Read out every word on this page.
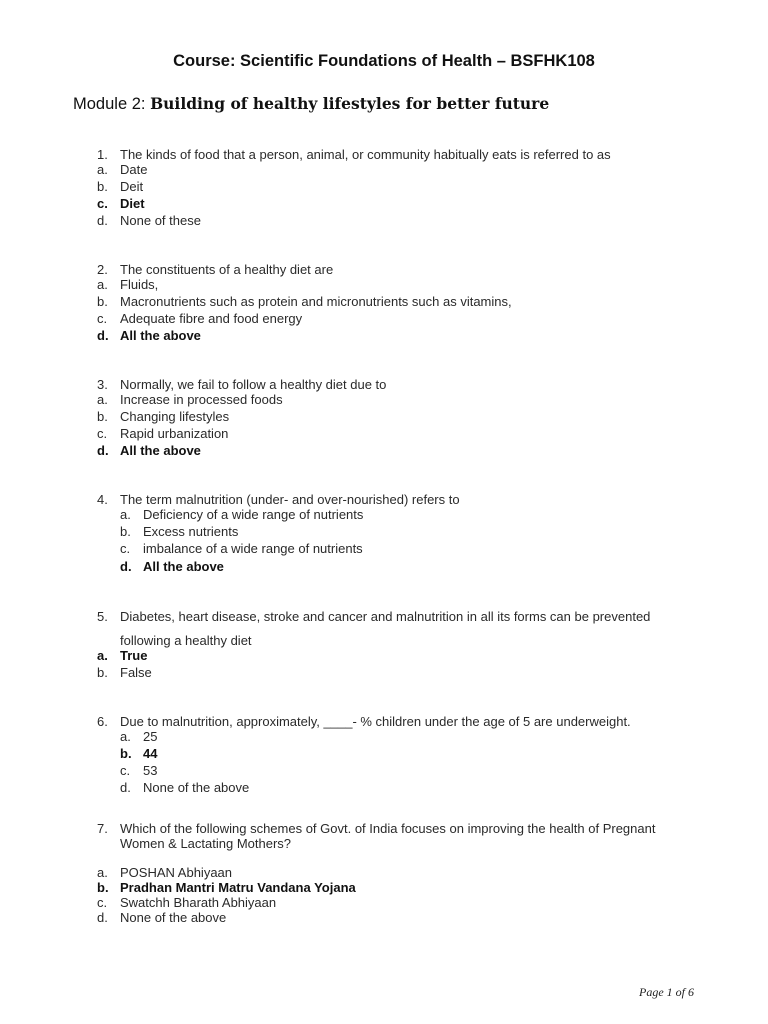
Course: Scientific Foundations of Health – BSFHK108
Module 2: Building of healthy lifestyles for better future
1. The kinds of food that a person, animal, or community habitually eats is referred to as
a. Date
b. Deit
c. Diet
d. None of these
2. The constituents of a healthy diet are
a. Fluids,
b. Macronutrients such as protein and micronutrients such as vitamins,
c. Adequate fibre and food energy
d. All the above
3. Normally, we fail to follow a healthy diet due to
a. Increase in processed foods
b. Changing lifestyles
c. Rapid urbanization
d. All the above
4. The term malnutrition (under- and over-nourished) refers to
a. Deficiency of a wide range of nutrients
b. Excess nutrients
c. imbalance of a wide range of nutrients
d. All the above
5. Diabetes, heart disease, stroke and cancer and malnutrition in all its forms can be prevented
following a healthy diet
a. True
b. False
6. Due to malnutrition, approximately, ____- % children under the age of 5 are underweight.
a. 25
b. 44
c. 53
d. None of the above
7. Which of the following schemes of Govt. of India focuses on improving the health of Pregnant
Women & Lactating Mothers?
a. POSHAN Abhiyaan
b. Pradhan Mantri Matru Vandana Yojana
c. Swatchh Bharath Abhiyaan
d. None of the above
Page 1 of 6
